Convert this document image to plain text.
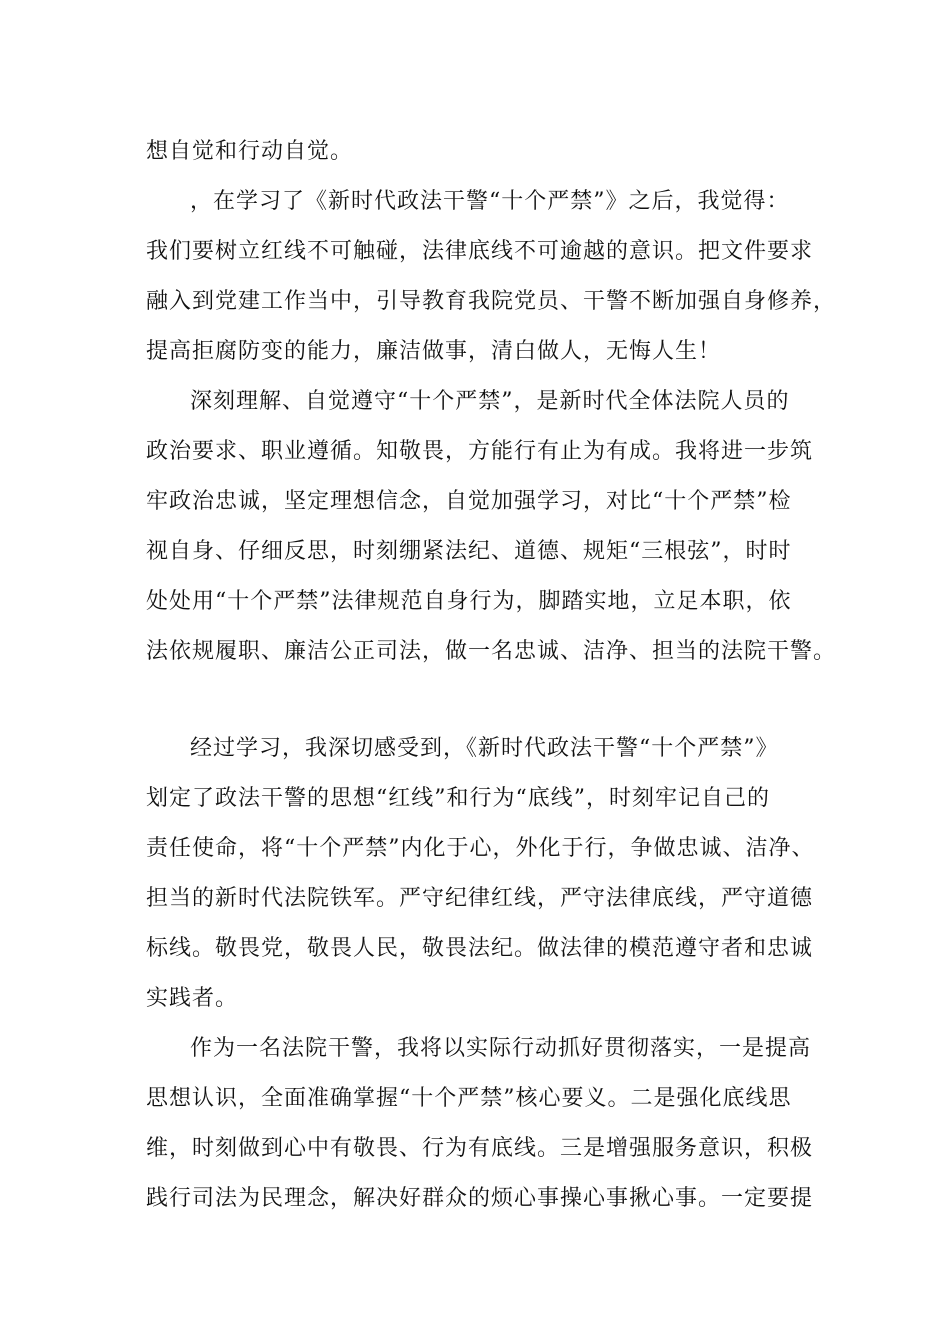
想自觉和行动自觉。
，在学习了《新时代政法干警“十个严禁”》之后，我觉得：
我们要树立红线不可触碰，法律底线不可逾越的意识。把文件要求
融入到党建工作当中，引导教育我院党员、干警不断加强自身修养，
提高拒腐防变的能力，廉洁做事，清白做人，无悔人生！
深刻理解、自觉遵守“十个严禁”，是新时代全体法院人员的
政治要求、职业遵循。知敬畏，方能行有止为有成。我将进一步筑
牢政治忠诚，坚定理想信念，自觉加强学习，对比“十个严禁”检
视自身、仔细反思，时刻绷紧法纪、道德、规矩“三根弦”，时时
处处用“十个严禁”法律规范自身行为，脚踏实地，立足本职，依
法依规履职、廉洁公正司法，做一名忠诚、洁净、担当的法院干警。
经过学习，我深切感受到，《新时代政法干警“十个严禁”》
划定了政法干警的思想“红线”和行为“底线”，时刻牢记自己的
责任使命，将“十个严禁”内化于心，外化于行，争做忠诚、洁净、
担当的新时代法院铁军。严守纪律红线，严守法律底线，严守道德
标线。敬畏党，敬畏人民，敬畏法纪。做法律的模范遵守者和忠诚
实践者。
作为一名法院干警，我将以实际行动抓好贯彻落实，一是提高
思想认识，全面准确掌握“十个严禁”核心要义。二是强化底线思
维，时刻做到心中有敬畏、行为有底线。三是增强服务意识，积极
践行司法为民理念，解决好群众的烦心事操心事揪心事。一定要提
